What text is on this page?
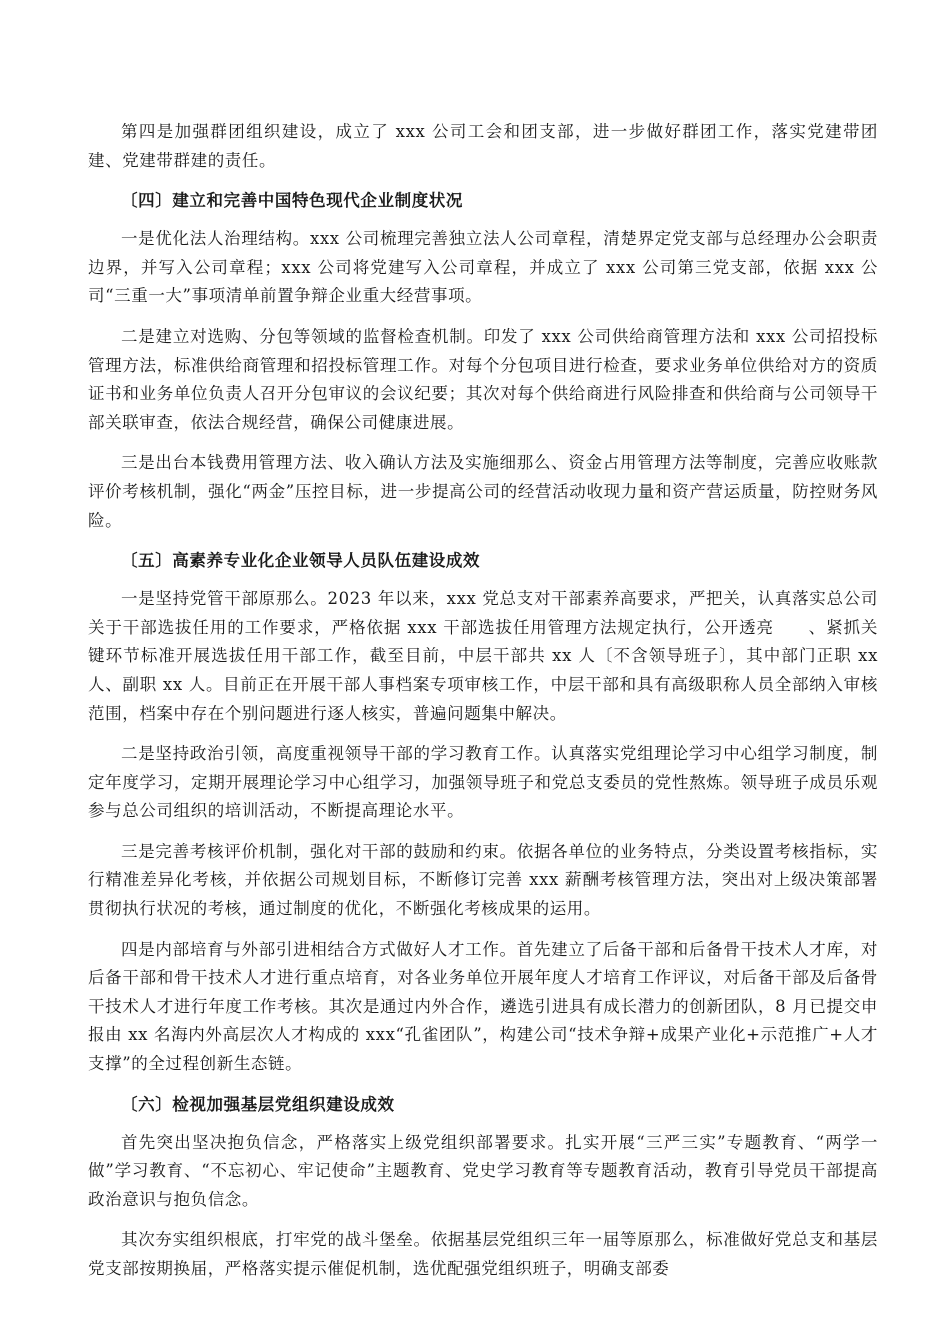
第四是加强群团组织建设，成立了 xxx 公司工会和团支部，进一步做好群团工作，落实党建带团建、党建带群建的责任。

〔四〕建立和完善中国特色现代企业制度状况

一是优化法人治理结构。xxx 公司梳理完善独立法人公司章程，清楚界定党支部与总经理办公会职责边界，并写入公司章程；xxx 公司将党建写入公司章程，并成立了 xxx 公司第三党支部，依据 xxx 公司“三重一大”事项清单前置争辩企业重大经营事项。

二是建立对选购、分包等领域的监督检查机制。印发了 xxx 公司供给商管理方法和 xxx 公司招投标管理方法，标准供给商管理和招投标管理工作。对每个分包项目进行检查，要求业务单位供给对方的资质证书和业务单位负责人召开分包审议的会议纪要；其次对每个供给商进行风险排查和供给商与公司领导干部关联审查，依法合规经营，确保公司健康进展。

三是出台本钱费用管理方法、收入确认方法及实施细那么、资金占用管理方法等制度，完善应收账款评价考核机制，强化“两金”压控目标，进一步提高公司的经营活动收现力量和资产营运质量，防控财务风险。

〔五〕高素养专业化企业领导人员队伍建设成效

一是坚持党管干部原那么。2023 年以来，xxx 党总支对干部素养高要求，严把关，认真落实总公司关于干部选拔任用的工作要求，严格依据 xxx 干部选拔任用管理方法规定执行，公开透亮　　、紧抓关键环节标准开展选拔任用干部工作，截至目前，中层干部共 xx 人〔不含领导班子〕，其中部门正职 xx 人、副职 xx 人。目前正在开展干部人事档案专项审核工作，中层干部和具有高级职称人员全部纳入审核范围，档案中存在个别问题进行逐人核实，普遍问题集中解决。

二是坚持政治引领，高度重视领导干部的学习教育工作。认真落实党组理论学习中心组学习制度，制定年度学习，定期开展理论学习中心组学习，加强领导班子和党总支委员的党性熬炼。领导班子成员乐观参与总公司组织的培训活动，不断提高理论水平。

三是完善考核评价机制，强化对干部的鼓励和约束。依据各单位的业务特点，分类设置考核指标，实行精准差异化考核，并依据公司规划目标，不断修订完善 xxx 薪酬考核管理方法，突出对上级决策部署贯彻执行状况的考核，通过制度的优化，不断强化考核成果的运用。

四是内部培育与外部引进相结合方式做好人才工作。首先建立了后备干部和后备骨干技术人才库，对后备干部和骨干技术人才进行重点培育，对各业务单位开展年度人才培育工作评议，对后备干部及后备骨干技术人才进行年度工作考核。其次是通过内外合作，遴选引进具有成长潜力的创新团队，8 月已提交申报由 xx 名海内外高层次人才构成的 xxx“孔雀团队”，构建公司“技术争辩+成果产业化+示范推广+人才支撑”的全过程创新生态链。

〔六〕检视加强基层党组织建设成效

首先突出坚决抱负信念，严格落实上级党组织部署要求。扎实开展“三严三实”专题教育、“两学一做”学习教育、“不忘初心、牢记使命”主题教育、党史学习教育等专题教育活动，教育引导党员干部提高政治意识与抱负信念。

其次夯实组织根底，打牢党的战斗堡垒。依据基层党组织三年一届等原那么，标准做好党总支和基层党支部按期换届，严格落实提示催促机制，选优配强党组织班子，明确支部委
